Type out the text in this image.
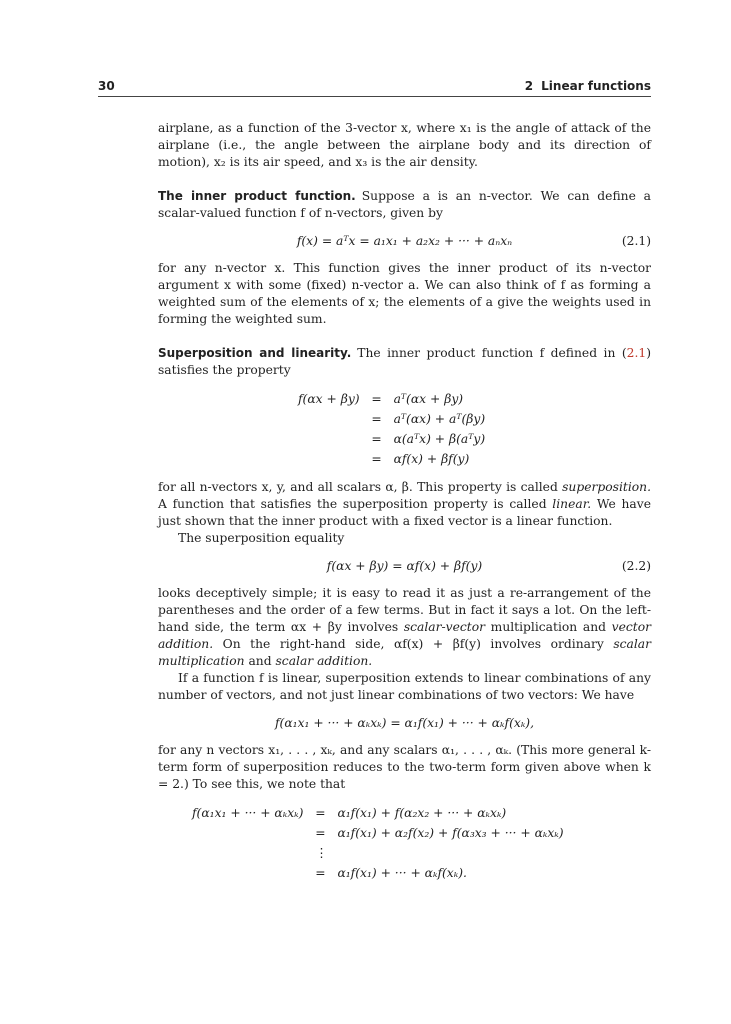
30	2 Linear functions

airplane, as a function of the 3-vector x, where x₁ is the angle of attack of the airplane (i.e., the angle between the airplane body and its direction of motion), x₂ is its air speed, and x₃ is the air density.

The inner product function. Suppose a is an n-vector. We can define a scalar-valued function f of n-vectors, given by

f(x) = aᵀx = a₁x₁ + a₂x₂ + ··· + aₙxₙ	(2.1)

for any n-vector x. This function gives the inner product of its n-vector argument x with some (fixed) n-vector a. We can also think of f as forming a weighted sum of the elements of x; the elements of a give the weights used in forming the weighted sum.

Superposition and linearity. The inner product function f defined in (2.1) satisfies the property

f(αx + βy)	=	aᵀ(αx + βy)
	=	aᵀ(αx) + aᵀ(βy)
	=	α(aᵀx) + β(aᵀy)
	=	αf(x) + βf(y)

for all n-vectors x, y, and all scalars α, β. This property is called superposition. A function that satisfies the superposition property is called linear. We have just shown that the inner product with a fixed vector is a linear function.

The superposition equality

f(αx + βy) = αf(x) + βf(y)	(2.2)

looks deceptively simple; it is easy to read it as just a re-arrangement of the parentheses and the order of a few terms. But in fact it says a lot. On the left-hand side, the term αx + βy involves scalar-vector multiplication and vector addition. On the right-hand side, αf(x) + βf(y) involves ordinary scalar multiplication and scalar addition.

If a function f is linear, superposition extends to linear combinations of any number of vectors, and not just linear combinations of two vectors: We have

f(α₁x₁ + ··· + αₖxₖ) = α₁f(x₁) + ··· + αₖf(xₖ),

for any n vectors x₁, . . . , xₖ, and any scalars α₁, . . . , αₖ. (This more general k-term form of superposition reduces to the two-term form given above when k = 2.) To see this, we note that

f(α₁x₁ + ··· + αₖxₖ)	=	α₁f(x₁) + f(α₂x₂ + ··· + αₖxₖ)
	=	α₁f(x₁) + α₂f(x₂) + f(α₃x₃ + ··· + αₖxₖ)
	⋮	
	=	α₁f(x₁) + ··· + αₖf(xₖ).
